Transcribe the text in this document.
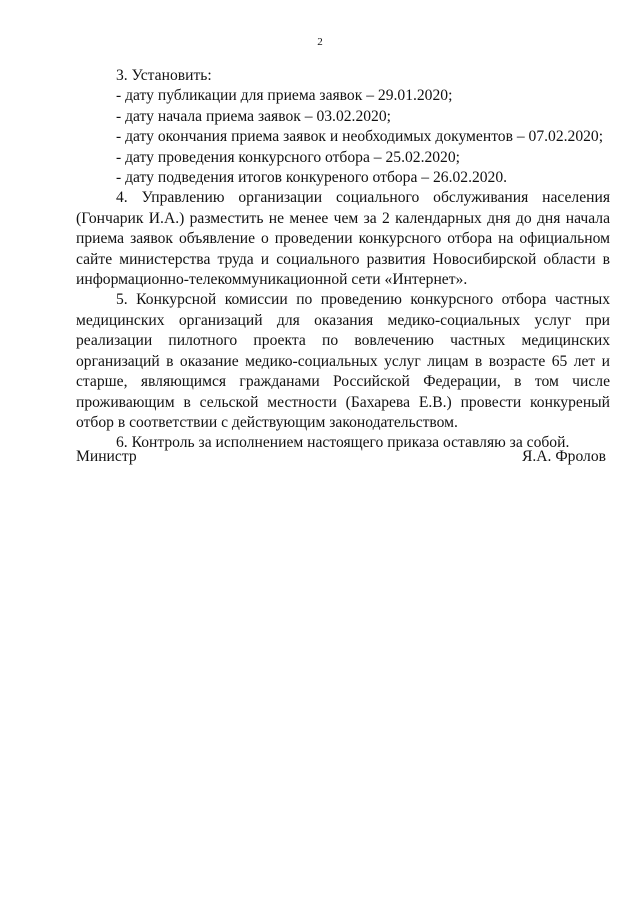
2
3. Установить:
- дату публикации для приема заявок – 29.01.2020;
- дату начала приема заявок – 03.02.2020;
- дату окончания приема заявок и необходимых документов – 07.02.2020;
- дату проведения конкурсного отбора – 25.02.2020;
- дату подведения итогов конкуреного отбора – 26.02.2020.

4. Управлению организации социального обслуживания населения (Гончарик И.А.) разместить не менее чем за 2 календарных дня до дня начала приема заявок объявление о проведении конкурсного отбора на официальном сайте министерства труда и социального развития Новосибирской области в информационно-телекоммуникационной сети «Интернет».

5. Конкурсной комиссии по проведению конкурсного отбора частных медицинских организаций для оказания медико-социальных услуг при реализации пилотного проекта по вовлечению частных медицинских организаций в оказание медико-социальных услуг лицам в возрасте 65 лет и старше, являющимся гражданами Российской Федерации, в том числе проживающим в сельской местности (Бахарева Е.В.) провести конкуреный отбор в соответствии с действующим законодательством.

6. Контроль за исполнением настоящего приказа оставляю за собой.

Министр	Я.А. Фролов
